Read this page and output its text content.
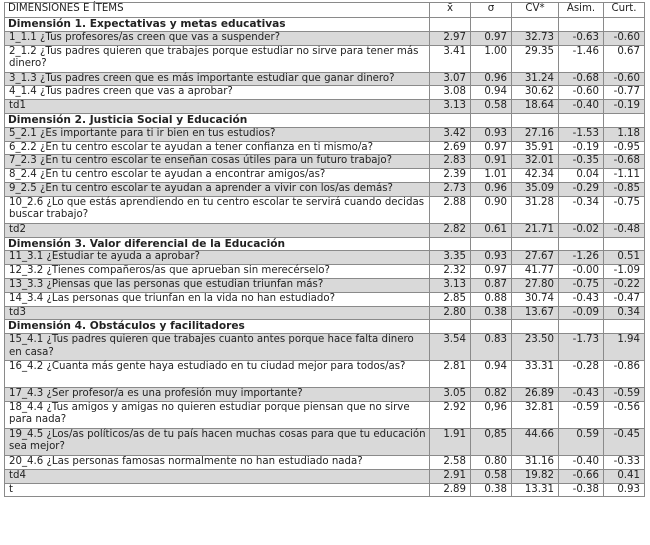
DIMENSIONES E ÍTEMS	x̄	σ	CV*	Asim.	Curt.
Dimensión 1. Expectativas y metas educativas					
1_1.1 ¿Tus profesores/as creen que vas a suspender?	2.97	0.97	32.73	-0.63	-0.60
2_1.2 ¿Tus padres quieren que trabajes porque estudiar no sirve para tener más dinero?	3.41	1.00	29.35	-1.46	0.67
3_1.3 ¿Tus padres creen que es más importante estudiar que ganar dinero?	3.07	0.96	31.24	-0.68	-0.60
4_1.4 ¿Tus padres creen que vas a aprobar?	3.08	0.94	30.62	-0.60	-0.77
td1	3.13	0.58	18.64	-0.40	-0.19
Dimensión 2. Justicia Social y Educación					
5_2.1 ¿Es importante para ti ir bien en tus estudios?	3.42	0.93	27.16	-1.53	1.18
6_2.2 ¿En tu centro escolar te ayudan a tener confianza en ti mismo/a?	2.69	0.97	35.91	-0.19	-0.95
7_2.3 ¿En tu centro escolar te enseñan cosas útiles para un futuro trabajo?	2.83	0.91	32.01	-0.35	-0.68
8_2.4 ¿En tu centro escolar te ayudan a encontrar amigos/as?	2.39	1.01	42.34	0.04	-1.11
9_2.5 ¿En tu centro escolar te ayudan a aprender a vivir con los/as demás?	2.73	0.96	35.09	-0.29	-0.85
10_2.6 ¿Lo que estás aprendiendo en tu centro escolar te servirá cuando decidas buscar trabajo?	2.88	0.90	31.28	-0.34	-0.75
td2	2.82	0.61	21.71	-0.02	-0.48
Dimensión 3. Valor diferencial de la Educación					
11_3.1 ¿Estudiar te ayuda a aprobar?	3.35	0.93	27.67	-1.26	0.51
12_3.2 ¿Tienes compañeros/as que aprueban sin merecérselo?	2.32	0.97	41.77	-0.00	-1.09
13_3.3 ¿Piensas que las personas que estudian triunfan más?	3.13	0.87	27.80	-0.75	-0.22
14_3.4 ¿Las personas que triunfan en la vida no han estudiado?	2.85	0.88	30.74	-0.43	-0.47
td3	2.80	0.38	13.67	-0.09	0.34
Dimensión 4. Obstáculos y facilitadores					
15_4.1 ¿Tus padres quieren que trabajes cuanto antes porque hace falta dinero en casa?	3.54	0.83	23.50	-1.73	1.94
16_4.2 ¿Cuanta más gente haya estudiado en tu ciudad mejor para todos/as?	2.81	0.94	33.31	-0.28	-0.86
17_4.3 ¿Ser profesor/a es una profesión muy importante?	3.05	0.82	26.89	-0.43	-0.59
18_4.4 ¿Tus amigos y amigas no quieren estudiar porque piensan que no sirve para nada?	2.92	0,96	32.81	-0.59	-0.56
19_4.5 ¿Los/as políticos/as de tu país hacen muchas cosas para que tu educación sea mejor?	1.91	0,85	44.66	0.59	-0.45
20_4.6 ¿Las personas famosas normalmente no han estudiado nada?	2.58	0.80	31.16	-0.40	-0.33
td4	2.91	0.58	19.82	-0.66	0.41
t	2.89	0.38	13.31	-0.38	0.93
